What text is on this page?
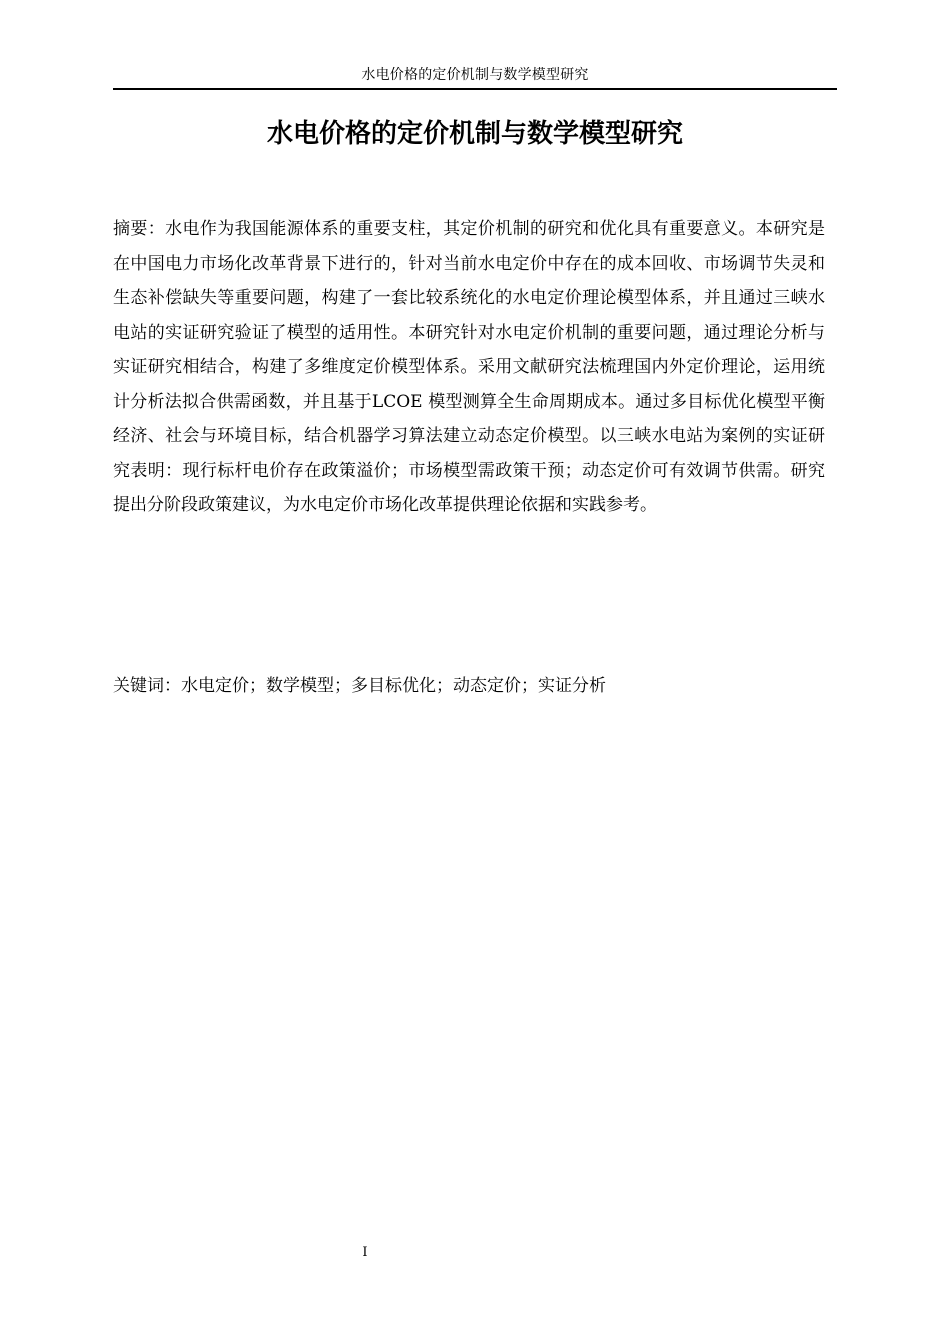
水电价格的定价机制与数学模型研究
水电价格的定价机制与数学模型研究

摘要：水电作为我国能源体系的重要支柱，其定价机制的研究和优化具有重要意义。本研究是在中国电力市场化改革背景下进行的，针对当前水电定价中存在的成本回收、市场调节失灵和生态补偿缺失等重要问题，构建了一套比较系统化的水电定价理论模型体系，并且通过三峡水电站的实证研究验证了模型的适用性。本研究针对水电定价机制的重要问题，通过理论分析与实证研究相结合，构建了多维度定价模型体系。采用文献研究法梳理国内外定价理论，运用统计分析法拟合供需函数，并且基于LCOE 模型测算全生命周期成本。通过多目标优化模型平衡经济、社会与环境目标，结合机器学习算法建立动态定价模型。以三峡水电站为案例的实证研究表明：现行标杆电价存在政策溢价；市场模型需政策干预；动态定价可有效调节供需。研究提出分阶段政策建议，为水电定价市场化改革提供理论依据和实践参考。

关键词：水电定价；数学模型；多目标优化；动态定价；实证分析

I
